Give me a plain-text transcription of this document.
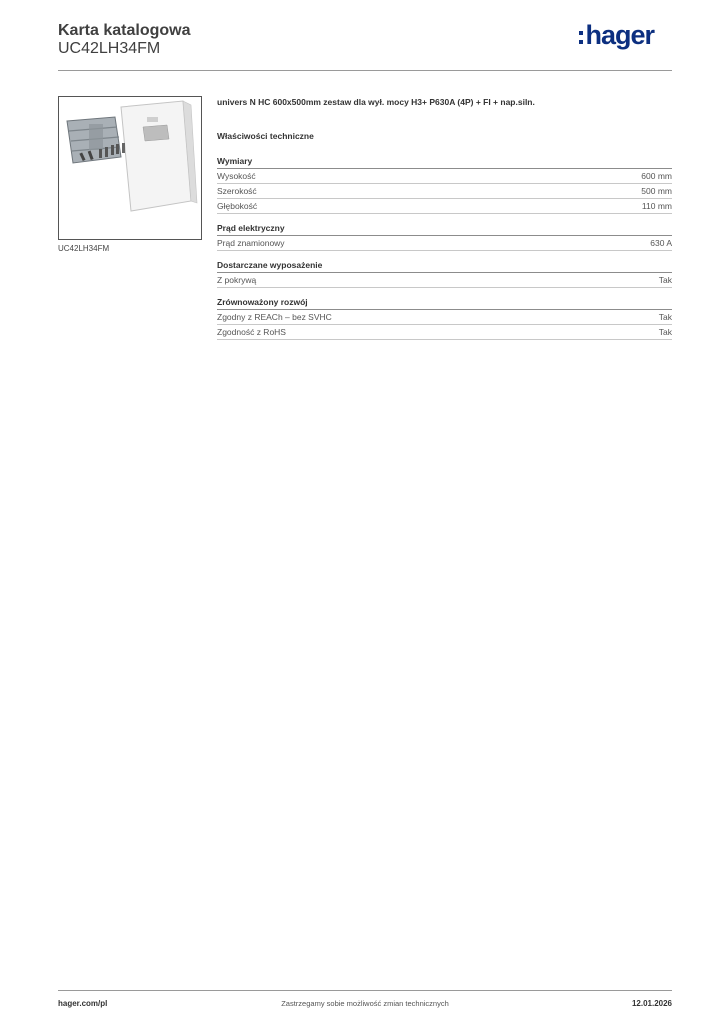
Karta katalogowa
UC42LH34FM	hager
UC42LH34FM
univers N HC 600x500mm zestaw dla wył. mocy H3+ P630A (4P) + FI + nap.siln.
Właściwości techniczne
Wymiary
Wysokość	600 mm
Szerokość	500 mm
Głębokość	110 mm
Prąd elektryczny
Prąd znamionowy	630 A
Dostarczane wyposażenie
Z pokrywą	Tak
Zrównoważony rozwój
Zgodny z REACh – bez SVHC	Tak
Zgodność z RoHS	Tak
hager.com/pl	Zastrzegamy sobie możliwość zmian technicznych	12.01.2026
